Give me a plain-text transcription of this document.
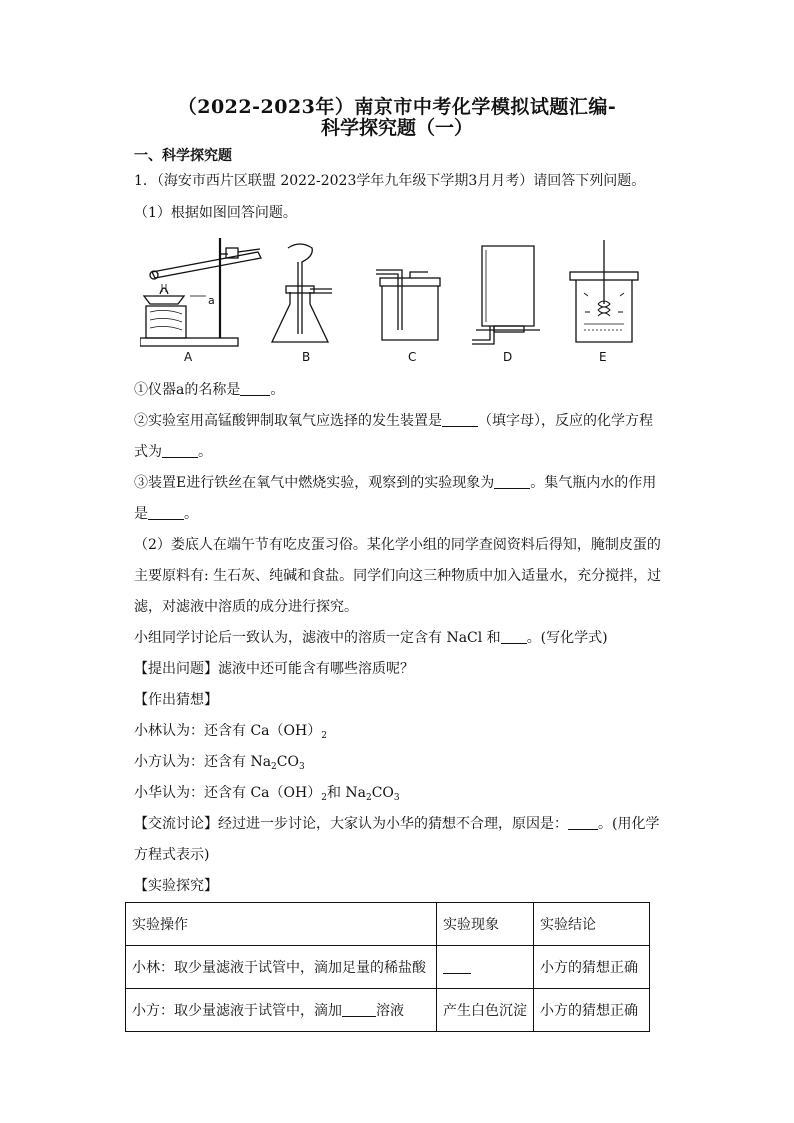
（2022-2023年）南京市中考化学模拟试题汇编-
科学探究题（一）
一、科学探究题
1．（海安市西片区联盟 2022-2023学年九年级下学期3月月考）请回答下列问题。
（1）根据如图回答问题。
a
A	B	C	D	E
①仪器a的名称是 。
②实验室用高锰酸钾制取氧气应选择的发生装置是	（填字母），反应的化学方程
式为	。
③装置E进行铁丝在氧气中燃烧实验，观察到的实验现象为	。集气瓶内水的作用
是	。
（2）娄底人在端午节有吃皮蛋习俗。某化学小组的同学查阅资料后得知，腌制皮蛋的
主要原料有: 生石灰、纯碱和食盐。同学们向这三种物质中加入适量水，充分搅拌，过
滤，对滤液中溶质的成分进行探究。
小组同学讨论后一致认为，滤液中的溶质一定含有 NaCl 和 。(写化学式)
【提出问题】滤液中还可能含有哪些溶质呢？
【作出猜想】
小林认为：还含有 $Ca(OH)_2$
小方认为：还含有 $Na_2CO_3$
小华认为：还含有 $Ca(OH)_2$和 $Na_2CO_3$
【交流讨论】经过进一步讨论，大家认为小华的猜想不合理，原因是： 。(用化学
方程式表示)
【实验探究】
实验操作	实验现象	实验结论
小林：取少量滤液于试管中，滴加足量的稀盐酸		小方的猜想正确
小方：取少量滤液于试管中，滴加 溶液	产生白色沉淀	小方的猜想正确
